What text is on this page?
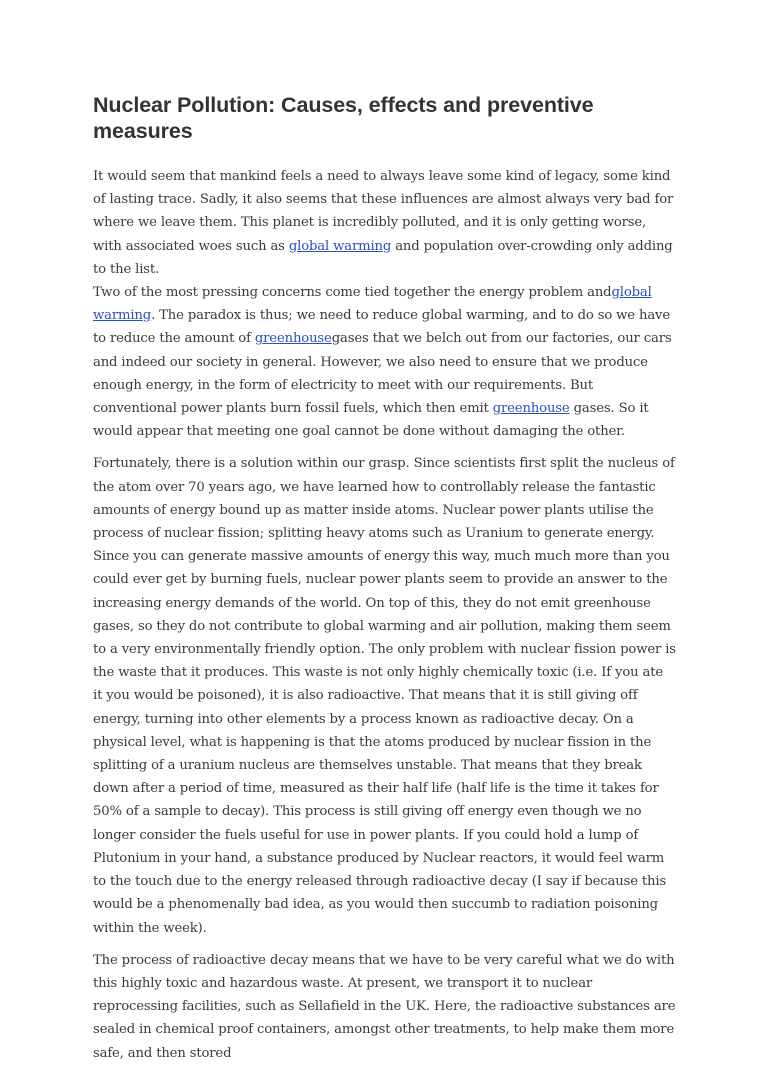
Nuclear Pollution: Causes, effects and preventive measures

It would seem that mankind feels a need to always leave some kind of legacy, some kind of lasting trace. Sadly, it also seems that these influences are almost always very bad for where we leave them. This planet is incredibly polluted, and it is only getting worse, with associated woes such as global warming and population over-crowding only adding to the list.
Two of the most pressing concerns come tied together the energy problem andglobal warming. The paradox is thus; we need to reduce global warming, and to do so we have to reduce the amount of greenhousegases that we belch out from our factories, our cars and indeed our society in general. However, we also need to ensure that we produce enough energy, in the form of electricity to meet with our requirements. But conventional power plants burn fossil fuels, which then emit greenhouse gases. So it would appear that meeting one goal cannot be done without damaging the other.

Fortunately, there is a solution within our grasp. Since scientists first split the nucleus of the atom over 70 years ago, we have learned how to controllably release the fantastic amounts of energy bound up as matter inside atoms. Nuclear power plants utilise the process of nuclear fission; splitting heavy atoms such as Uranium to generate energy. Since you can generate massive amounts of energy this way, much much more than you could ever get by burning fuels, nuclear power plants seem to provide an answer to the increasing energy demands of the world. On top of this, they do not emit greenhouse gases, so they do not contribute to global warming and air pollution, making them seem to a very environmentally friendly option. The only problem with nuclear fission power is the waste that it produces. This waste is not only highly chemically toxic (i.e. If you ate it you would be poisoned), it is also radioactive. That means that it is still giving off energy, turning into other elements by a process known as radioactive decay. On a physical level, what is happening is that the atoms produced by nuclear fission in the splitting of a uranium nucleus are themselves unstable. That means that they break down after a period of time, measured as their half life (half life is the time it takes for 50% of a sample to decay). This process is still giving off energy even though we no longer consider the fuels useful for use in power plants. If you could hold a lump of Plutonium in your hand, a substance produced by Nuclear reactors, it would feel warm to the touch due to the energy released through radioactive decay (I say if because this would be a phenomenally bad idea, as you would then succumb to radiation poisoning within the week).

The process of radioactive decay means that we have to be very careful what we do with this highly toxic and hazardous waste. At present, we transport it to nuclear reprocessing facilities, such as Sellafield in the UK. Here, the radioactive substances are sealed in chemical proof containers, amongst other treatments, to help make them more safe, and then stored
